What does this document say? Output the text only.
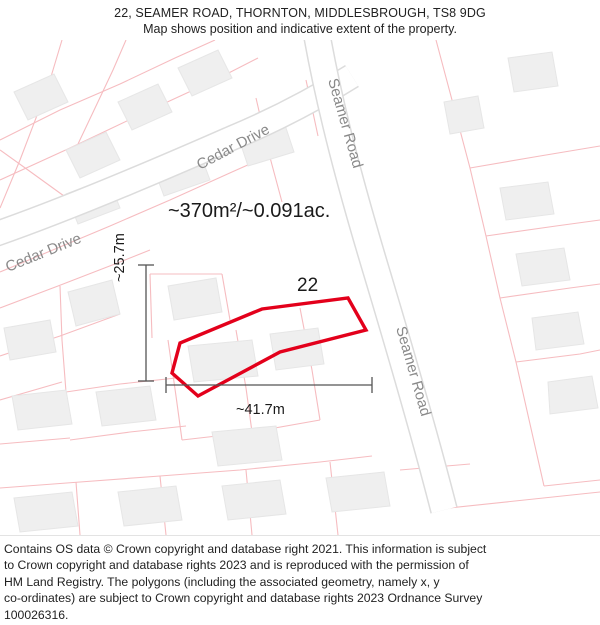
22, SEAMER ROAD, THORNTON, MIDDLESBROUGH, TS8 9DG
Map shows position and indicative extent of the property.
Cedar Drive
Cedar Drive
Seamer Road
Seamer Road
~370m²/~0.091ac.
22
~41.7m
~25.7m

Contains OS data © Crown copyright and database right 2021. This information is subject

to Crown copyright and database rights 2023 and is reproduced with the permission of

HM Land Registry. The polygons (including the associated geometry, namely x, y

co-ordinates) are subject to Crown copyright and database rights 2023 Ordnance Survey

100026316.
